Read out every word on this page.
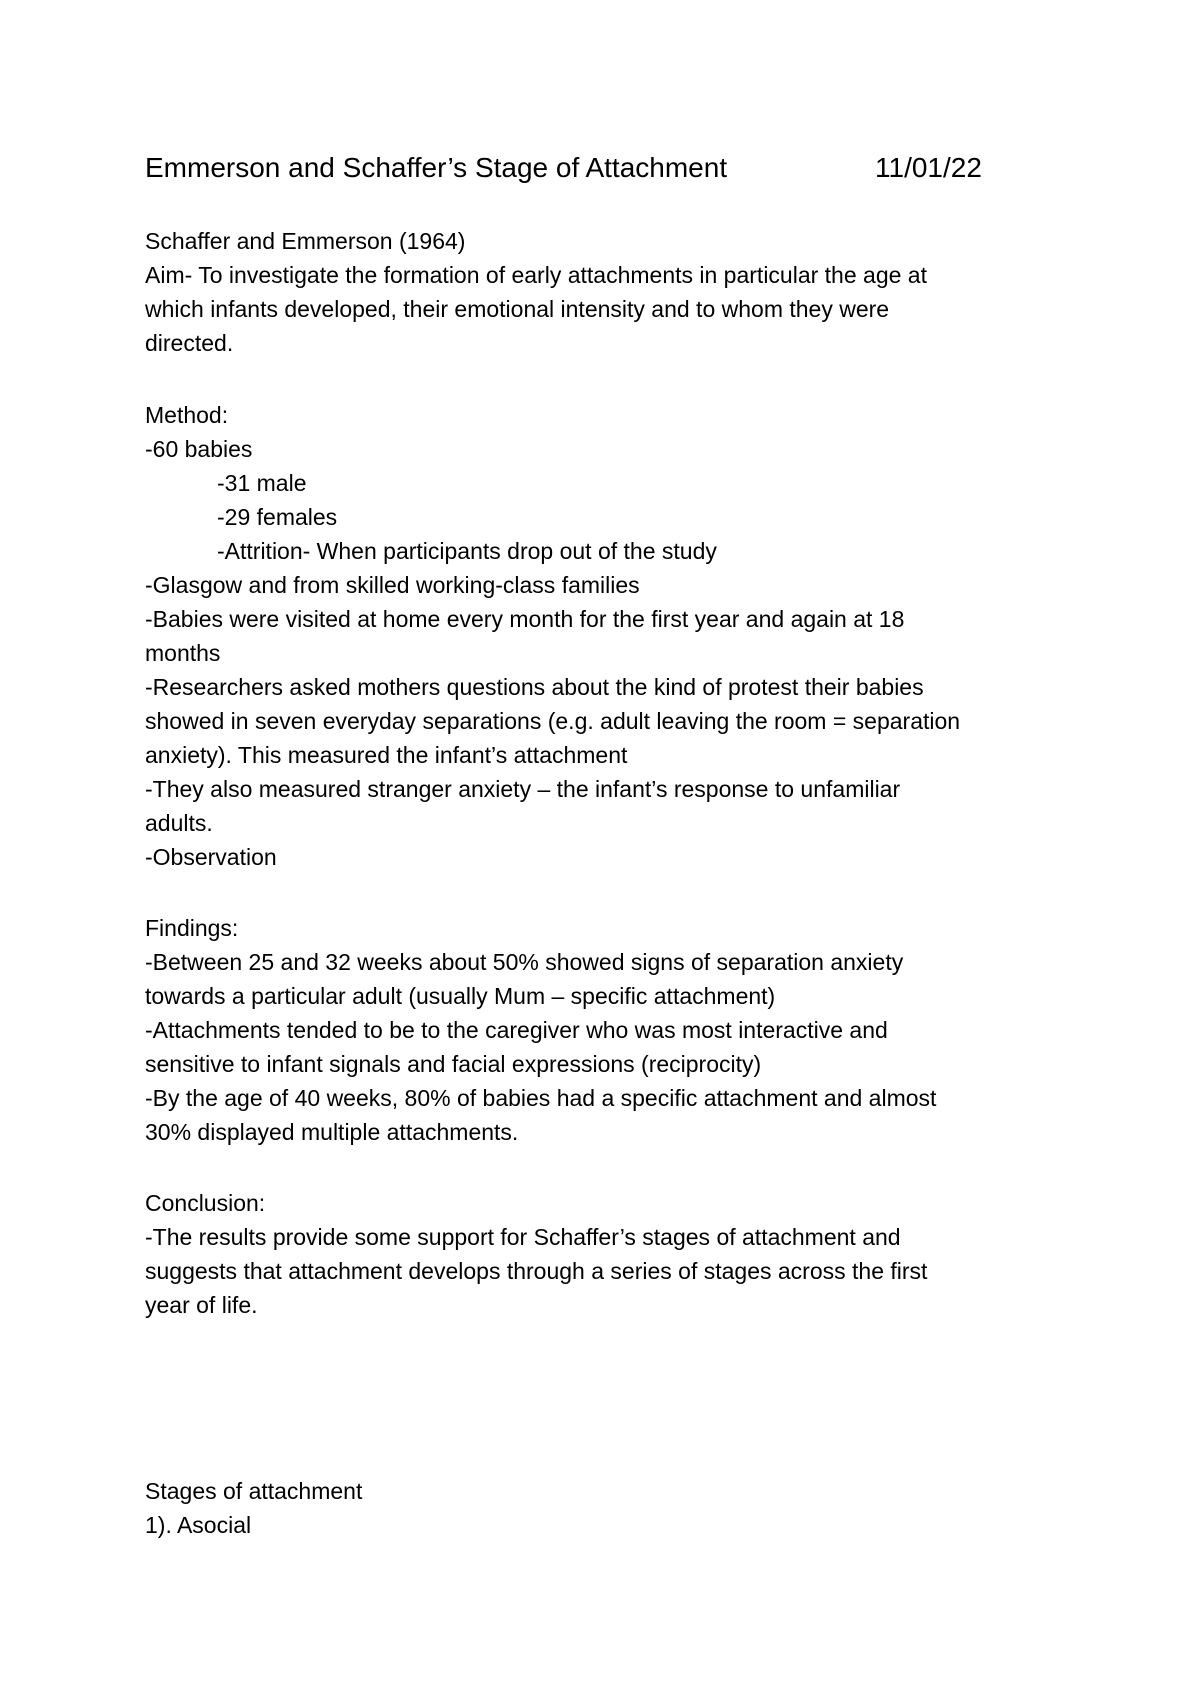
Emmerson and Schaffer’s Stage of Attachment	11/01/22
Schaffer and Emmerson (1964)
Aim- To investigate the formation of early attachments in particular the age at
which infants developed, their emotional intensity and to whom they were
directed.
Method:
-60 babies
-31 male
-29 females
-Attrition- When participants drop out of the study
-Glasgow and from skilled working-class families
-Babies were visited at home every month for the first year and again at 18
months
-Researchers asked mothers questions about the kind of protest their babies
showed in seven everyday separations (e.g. adult leaving the room = separation
anxiety). This measured the infant’s attachment
-They also measured stranger anxiety – the infant’s response to unfamiliar
adults.
-Observation
Findings:
-Between 25 and 32 weeks about 50% showed signs of separation anxiety
towards a particular adult (usually Mum – specific attachment)
-Attachments tended to be to the caregiver who was most interactive and
sensitive to infant signals and facial expressions (reciprocity)
-By the age of 40 weeks, 80% of babies had a specific attachment and almost
30% displayed multiple attachments.
Conclusion:
-The results provide some support for Schaffer’s stages of attachment and
suggests that attachment develops through a series of stages across the first
year of life.
Stages of attachment
1). Asocial
